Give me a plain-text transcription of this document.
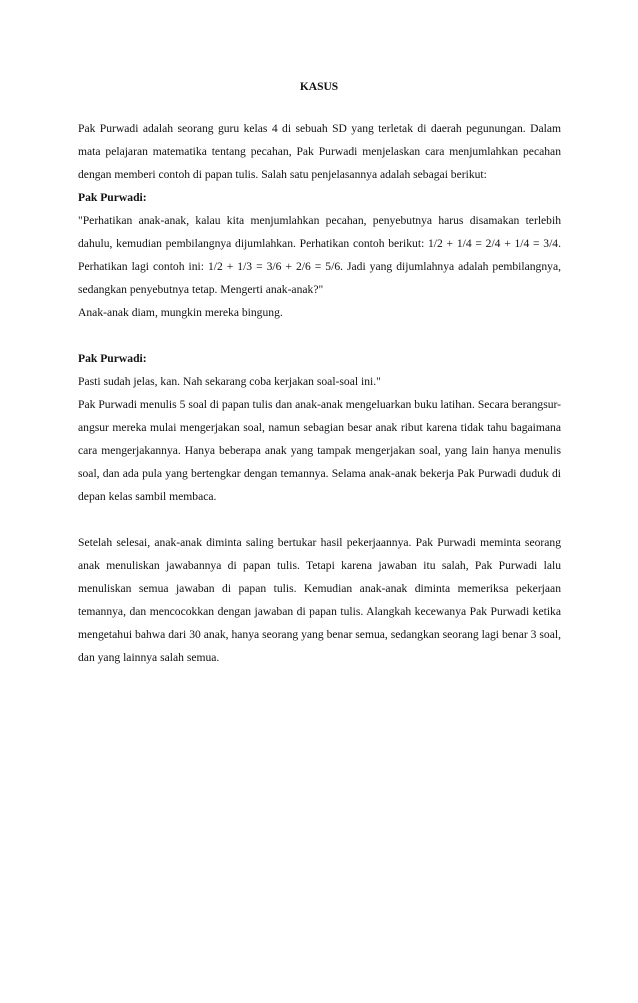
KASUS

Pak Purwadi adalah seorang guru kelas 4 di sebuah SD yang terletak di daerah pegunungan. Dalam mata pelajaran matematika tentang pecahan, Pak Purwadi menjelaskan cara menjumlahkan pecahan dengan memberi contoh di papan tulis. Salah satu penjelasannya adalah sebagai berikut:

Pak Purwadi:

"Perhatikan anak-anak, kalau kita menjumlahkan pecahan, penyebutnya harus disamakan terlebih dahulu, kemudian pembilangnya dijumlahkan. Perhatikan contoh berikut: 1/2 + 1/4 = 2/4 + 1/4 = 3/4. Perhatikan lagi contoh ini: 1/2 + 1/3 = 3/6 + 2/6 = 5/6. Jadi yang dijumlahnya adalah pembilangnya, sedangkan penyebutnya tetap. Mengerti anak-anak?"

Anak-anak diam, mungkin mereka bingung.

Pak Purwadi:

Pasti sudah jelas, kan. Nah sekarang coba kerjakan soal-soal ini."

Pak Purwadi menulis 5 soal di papan tulis dan anak-anak mengeluarkan buku latihan. Secara berangsur-angsur mereka mulai mengerjakan soal, namun sebagian besar anak ribut karena tidak tahu bagaimana cara mengerjakannya. Hanya beberapa anak yang tampak mengerjakan soal, yang lain hanya menulis soal, dan ada pula yang bertengkar dengan temannya. Selama anak-anak bekerja Pak Purwadi duduk di depan kelas sambil membaca.

Setelah selesai, anak-anak diminta saling bertukar hasil pekerjaannya. Pak Purwadi meminta seorang anak menuliskan jawabannya di papan tulis. Tetapi karena jawaban itu salah, Pak Purwadi lalu menuliskan semua jawaban di papan tulis. Kemudian anak-anak diminta memeriksa pekerjaan temannya, dan mencocokkan dengan jawaban di papan tulis. Alangkah kecewanya Pak Purwadi ketika mengetahui bahwa dari 30 anak, hanya seorang yang benar semua, sedangkan seorang lagi benar 3 soal, dan yang lainnya salah semua.
